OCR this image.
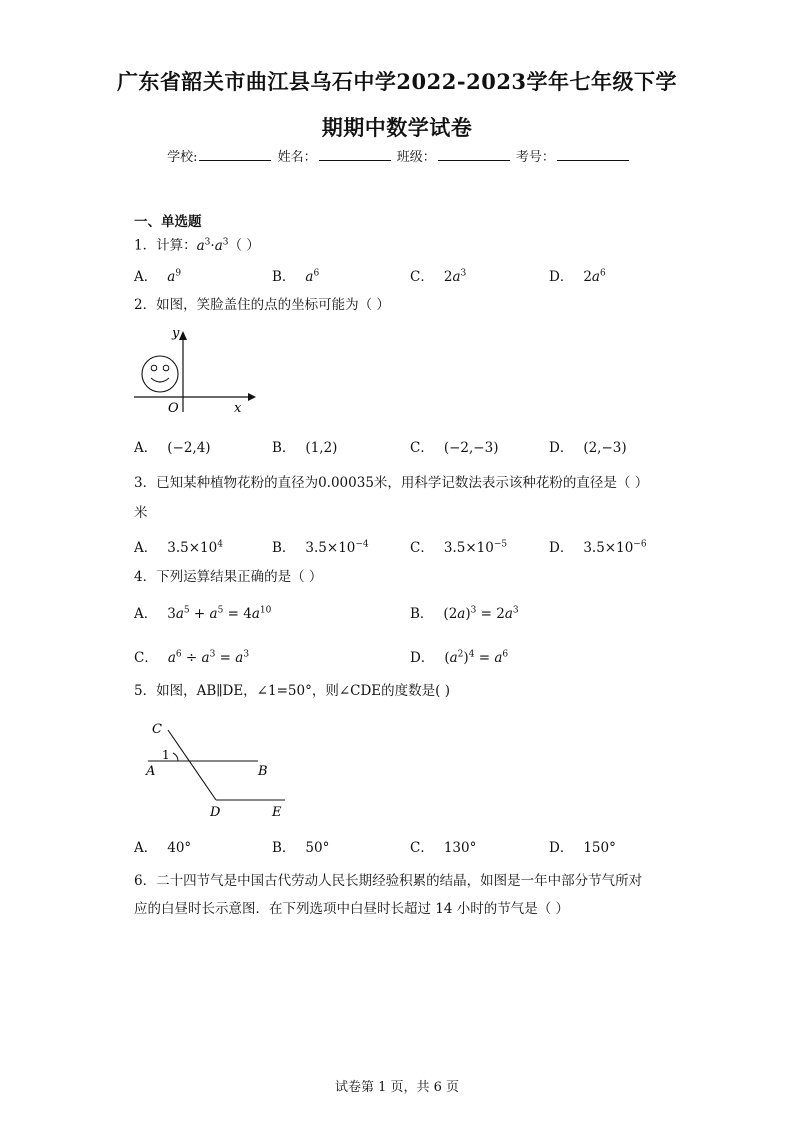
广东省韶关市曲江县乌石中学2022-2023学年七年级下学
期期中数学试卷
学校:	姓名：	班级：	考号：
一、单选题
1．计算：$a^3\cdot a^3$（ ）
A． $a^9$	B． $a^6$	C． $2a^3$	D． $2a^6$
2．如图，笑脸盖住的点的坐标可能为（ ）
y
x
O
A． (−2,4)	B． (1,2)	C． (−2,−3)	D． (2,−3)
3．已知某种植物花粉的直径为0.00035米，用科学记数法表示该种花粉的直径是（ ）
米
A． $3.5\times 10^4$	B． $3.5\times 10^{-4}$	C． $3.5\times 10^{-5}$	D． $3.5\times 10^{-6}$
4．下列运算结果正确的是（ ）
A． $3a^5 + a^5 = 4a^{10}$	B． $(2a)^3 = 2a^3$
C． $a^6 \div a^3 = a^3$	D． $(a^2)^4 = a^6$
5．如图，AB∥DE，∠1=50°，则∠CDE的度数是( )
C
1
A	B
D	E
A． 40°	B． 50°	C． 130°	D． 150°
6．二十四节气是中国古代劳动人民长期经验积累的结晶，如图是一年中部分节气所对
应的白昼时长示意图．在下列选项中白昼时长超过 14 小时的节气是（ ）
试卷第 1 页，共 6 页
